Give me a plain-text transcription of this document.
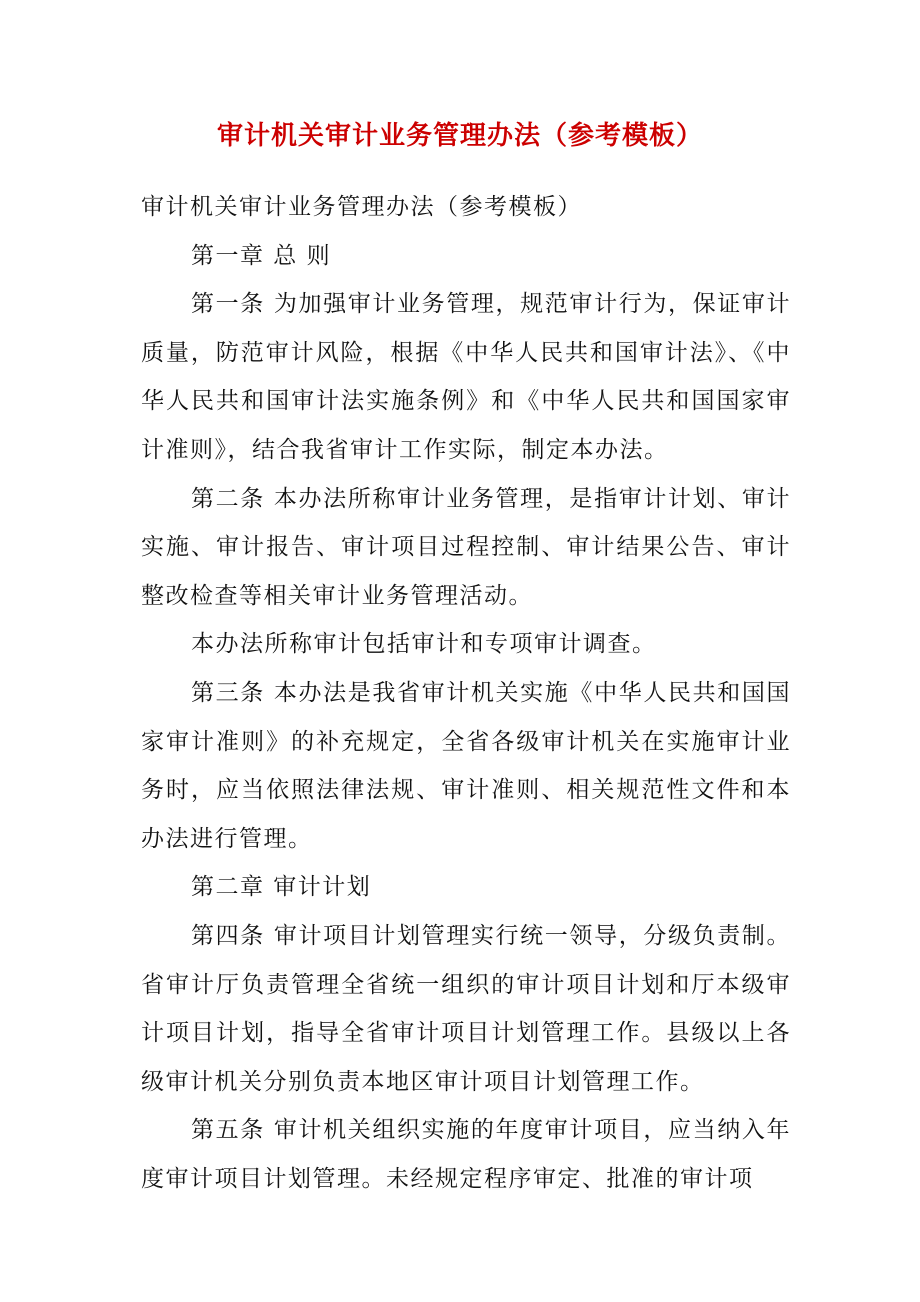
审计机关审计业务管理办法（参考模板）

审计机关审计业务管理办法（参考模板）

第一章 总 则

第一条 为加强审计业务管理，规范审计行为，保证审计质量，防范审计风险，根据《中华人民共和国审计法》、《中华人民共和国审计法实施条例》和《中华人民共和国国家审计准则》，结合我省审计工作实际，制定本办法。

第二条 本办法所称审计业务管理，是指审计计划、审计实施、审计报告、审计项目过程控制、审计结果公告、审计整改检查等相关审计业务管理活动。

本办法所称审计包括审计和专项审计调查。

第三条 本办法是我省审计机关实施《中华人民共和国国家审计准则》的补充规定，全省各级审计机关在实施审计业务时，应当依照法律法规、审计准则、相关规范性文件和本办法进行管理。

第二章 审计计划

第四条 审计项目计划管理实行统一领导，分级负责制。省审计厅负责管理全省统一组织的审计项目计划和厅本级审计项目计划，指导全省审计项目计划管理工作。县级以上各级审计机关分别负责本地区审计项目计划管理工作。

第五条 审计机关组织实施的年度审计项目，应当纳入年度审计项目计划管理。未经规定程序审定、批准的审计项
